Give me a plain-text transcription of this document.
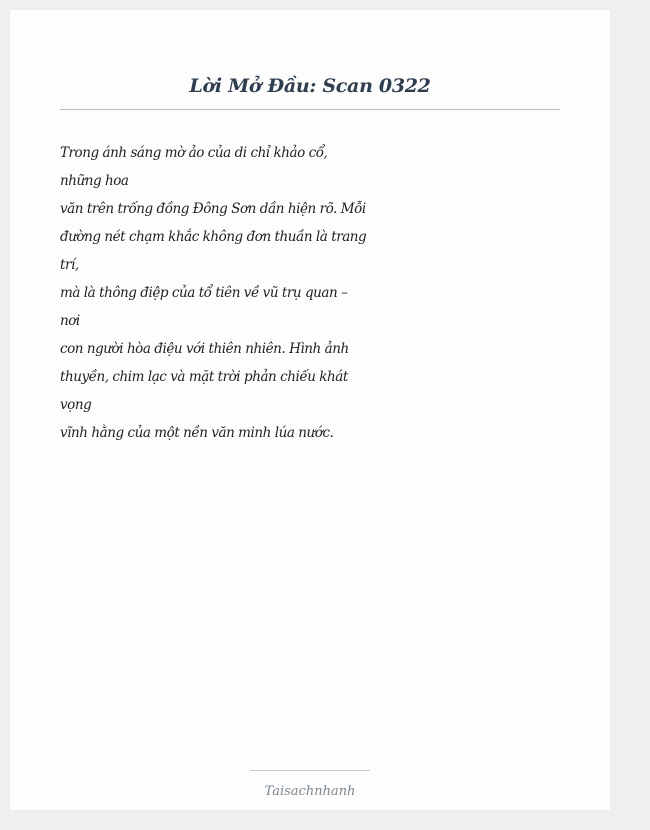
Lời Mở Đầu: Scan 0322
Trong ánh sáng mờ ảo của di chỉ khảo cổ,
những hoa
văn trên trống đồng Đông Sơn dần hiện rõ. Mỗi
đường nét chạm khắc không đơn thuần là trang
trí,
mà là thông điệp của tổ tiên về vũ trụ quan –
nơi
con người hòa điệu với thiên nhiên. Hình ảnh
thuyền, chim lạc và mặt trời phản chiếu khát
vọng
vĩnh hằng của một nền văn minh lúa nước.
Taisachnhanh
